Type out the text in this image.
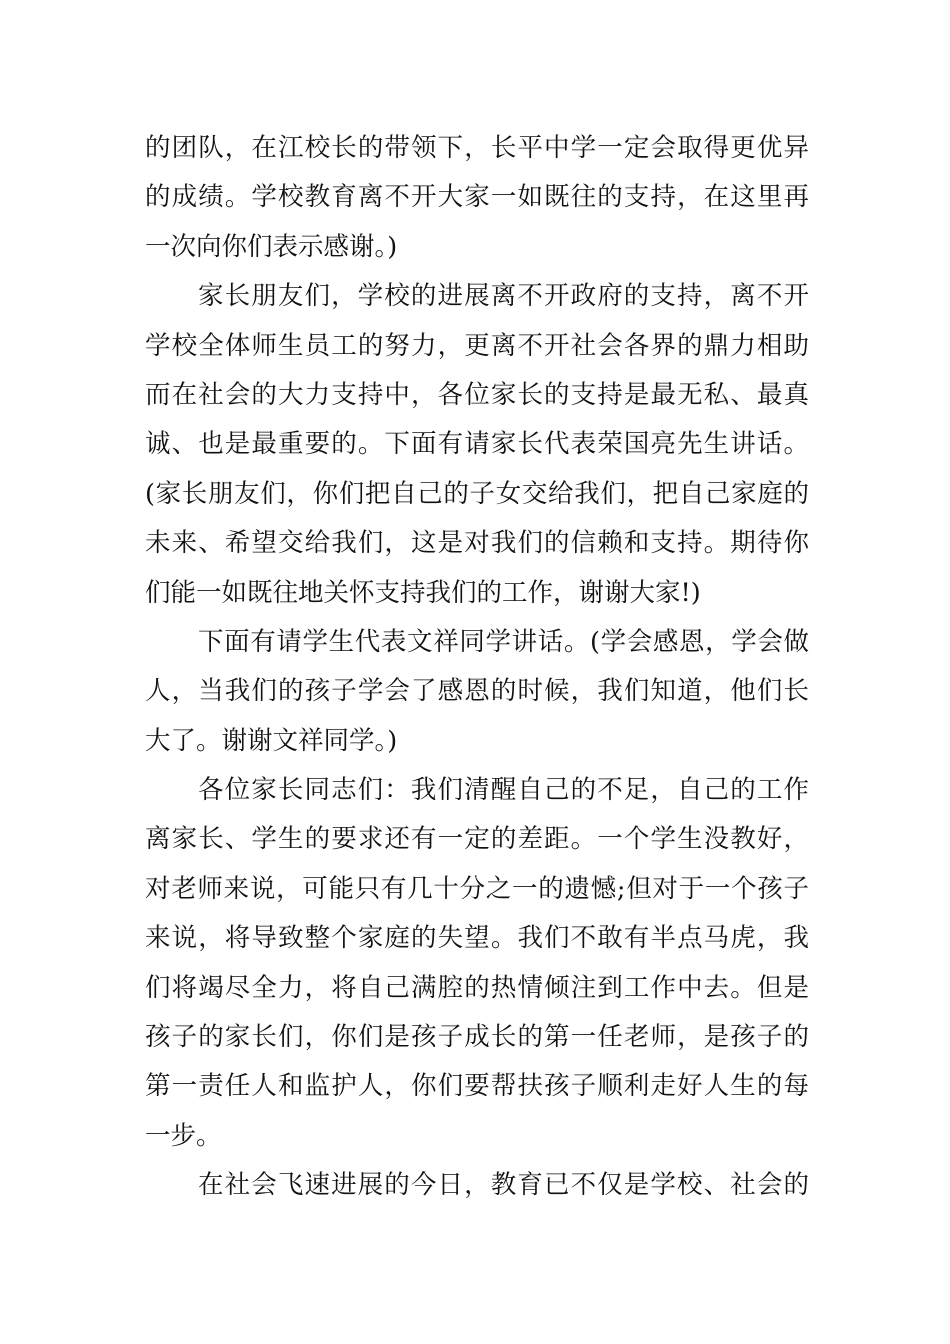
的团队，在江校长的带领下，长平中学一定会取得更优异
的成绩。学校教育离不开大家一如既往的支持，在这里再
一次向你们表示感谢。)
家长朋友们，学校的进展离不开政府的支持，离不开
学校全体师生员工的努力，更离不开社会各界的鼎力相助
而在社会的大力支持中，各位家长的支持是最无私、最真
诚、也是最重要的。下面有请家长代表荣国亮先生讲话。
(家长朋友们，你们把自己的子女交给我们，把自己家庭的
未来、希望交给我们，这是对我们的信赖和支持。期待你
们能一如既往地关怀支持我们的工作，谢谢大家!)
下面有请学生代表文祥同学讲话。(学会感恩，学会做
人，当我们的孩子学会了感恩的时候，我们知道，他们长
大了。谢谢文祥同学。)
各位家长同志们：我们清醒自己的不足，自己的工作
离家长、学生的要求还有一定的差距。一个学生没教好，
对老师来说，可能只有几十分之一的遗憾;但对于一个孩子
来说，将导致整个家庭的失望。我们不敢有半点马虎，我
们将竭尽全力，将自己满腔的热情倾注到工作中去。但是
孩子的家长们，你们是孩子成长的第一任老师，是孩子的
第一责任人和监护人，你们要帮扶孩子顺利走好人生的每
一步。
在社会飞速进展的今日，教育已不仅是学校、社会的
